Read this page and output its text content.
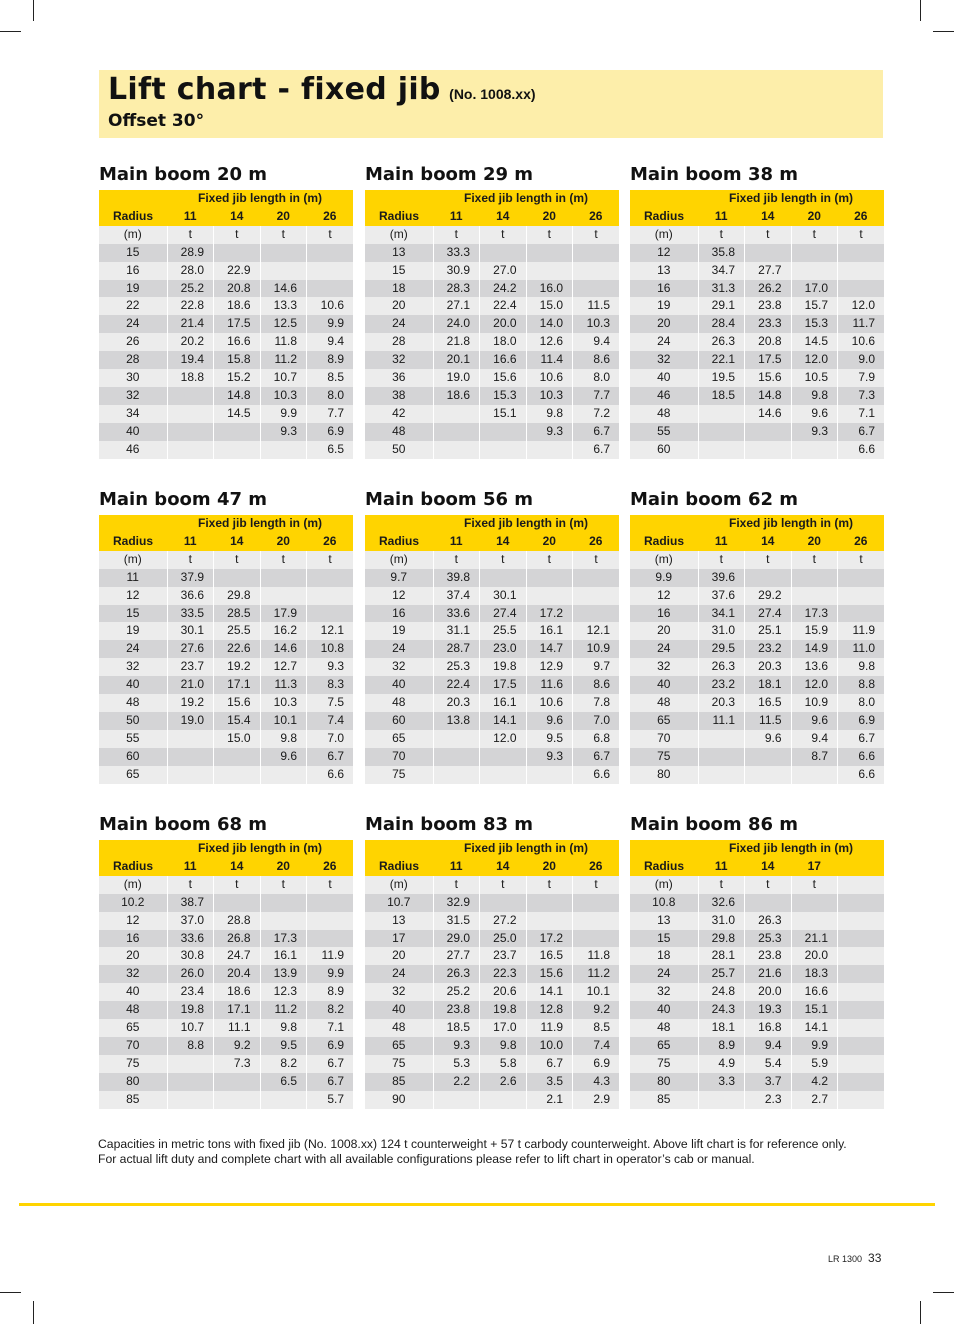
Lift chart - fixed jib (No. 1008.xx)
Offset 30°
Main boom 20 m
	Fixed jib length in (m)			
Radius	11	14	20	26
(m)	t	t	t	t
15	28.9			
16	28.0	22.9		
19	25.2	20.8	14.6	
22	22.8	18.6	13.3	10.6
24	21.4	17.5	12.5	9.9
26	20.2	16.6	11.8	9.4
28	19.4	15.8	11.2	8.9
30	18.8	15.2	10.7	8.5
32		14.8	10.3	8.0
34		14.5	9.9	7.7
40			9.3	6.9
46				6.5
Main boom 29 m
	Fixed jib length in (m)			
Radius	11	14	20	26
(m)	t	t	t	t
13	33.3			
15	30.9	27.0		
18	28.3	24.2	16.0	
20	27.1	22.4	15.0	11.5
24	24.0	20.0	14.0	10.3
28	21.8	18.0	12.6	9.4
32	20.1	16.6	11.4	8.6
36	19.0	15.6	10.6	8.0
38	18.6	15.3	10.3	7.7
42		15.1	9.8	7.2
48			9.3	6.7
50				6.7
Main boom 38 m
	Fixed jib length in (m)			
Radius	11	14	20	26
(m)	t	t	t	t
12	35.8			
13	34.7	27.7		
16	31.3	26.2	17.0	
19	29.1	23.8	15.7	12.0
20	28.4	23.3	15.3	11.7
24	26.3	20.8	14.5	10.6
32	22.1	17.5	12.0	9.0
40	19.5	15.6	10.5	7.9
46	18.5	14.8	9.8	7.3
48		14.6	9.6	7.1
55			9.3	6.7
60				6.6
Main boom 47 m
	Fixed jib length in (m)			
Radius	11	14	20	26
(m)	t	t	t	t
11	37.9			
12	36.6	29.8		
15	33.5	28.5	17.9	
19	30.1	25.5	16.2	12.1
24	27.6	22.6	14.6	10.8
32	23.7	19.2	12.7	9.3
40	21.0	17.1	11.3	8.3
48	19.2	15.6	10.3	7.5
50	19.0	15.4	10.1	7.4
55		15.0	9.8	7.0
60			9.6	6.7
65				6.6
Main boom 56 m
	Fixed jib length in (m)			
Radius	11	14	20	26
(m)	t	t	t	t
9.7	39.8			
12	37.4	30.1		
16	33.6	27.4	17.2	
19	31.1	25.5	16.1	12.1
24	28.7	23.0	14.7	10.9
32	25.3	19.8	12.9	9.7
40	22.4	17.5	11.6	8.6
48	20.3	16.1	10.6	7.8
60	13.8	14.1	9.6	7.0
65		12.0	9.5	6.8
70			9.3	6.7
75				6.6
Main boom 62 m
	Fixed jib length in (m)			
Radius	11	14	20	26
(m)	t	t	t	t
9.9	39.6			
12	37.6	29.2		
16	34.1	27.4	17.3	
20	31.0	25.1	15.9	11.9
24	29.5	23.2	14.9	11.0
32	26.3	20.3	13.6	9.8
40	23.2	18.1	12.0	8.8
48	20.3	16.5	10.9	8.0
65	11.1	11.5	9.6	6.9
70		9.6	9.4	6.7
75			8.7	6.6
80				6.6
Main boom 68 m
	Fixed jib length in (m)			
Radius	11	14	20	26
(m)	t	t	t	t
10.2	38.7			
12	37.0	28.8		
16	33.6	26.8	17.3	
20	30.8	24.7	16.1	11.9
32	26.0	20.4	13.9	9.9
40	23.4	18.6	12.3	8.9
48	19.8	17.1	11.2	8.2
65	10.7	11.1	9.8	7.1
70	8.8	9.2	9.5	6.9
75		7.3	8.2	6.7
80			6.5	6.7
85				5.7
Main boom 83 m
	Fixed jib length in (m)			
Radius	11	14	20	26
(m)	t	t	t	t
10.7	32.9			
13	31.5	27.2		
17	29.0	25.0	17.2	
20	27.7	23.7	16.5	11.8
24	26.3	22.3	15.6	11.2
32	25.2	20.6	14.1	10.1
40	23.8	19.8	12.8	9.2
48	18.5	17.0	11.9	8.5
65	9.3	9.8	10.0	7.4
75	5.3	5.8	6.7	6.9
85	2.2	2.6	3.5	4.3
90			2.1	2.9
Main boom 86 m
	Fixed jib length in (m)			
Radius	11	14	17	
(m)	t	t	t	
10.8	32.6			
13	31.0	26.3		
15	29.8	25.3	21.1	
18	28.1	23.8	20.0	
24	25.7	21.6	18.3	
32	24.8	20.0	16.6	
40	24.3	19.3	15.1	
48	18.1	16.8	14.1	
65	8.9	9.4	9.9	
75	4.9	5.4	5.9	
80	3.3	3.7	4.2	
85		2.3	2.7	
Capacities in metric tons with fixed jib (No. 1008.xx) 124 t counterweight + 57 t carbody counterweight. Above lift chart is for reference only.
For actual lift duty and complete chart with all available configurations please refer to lift chart in operator’s cab or manual.
LR 1300 33
